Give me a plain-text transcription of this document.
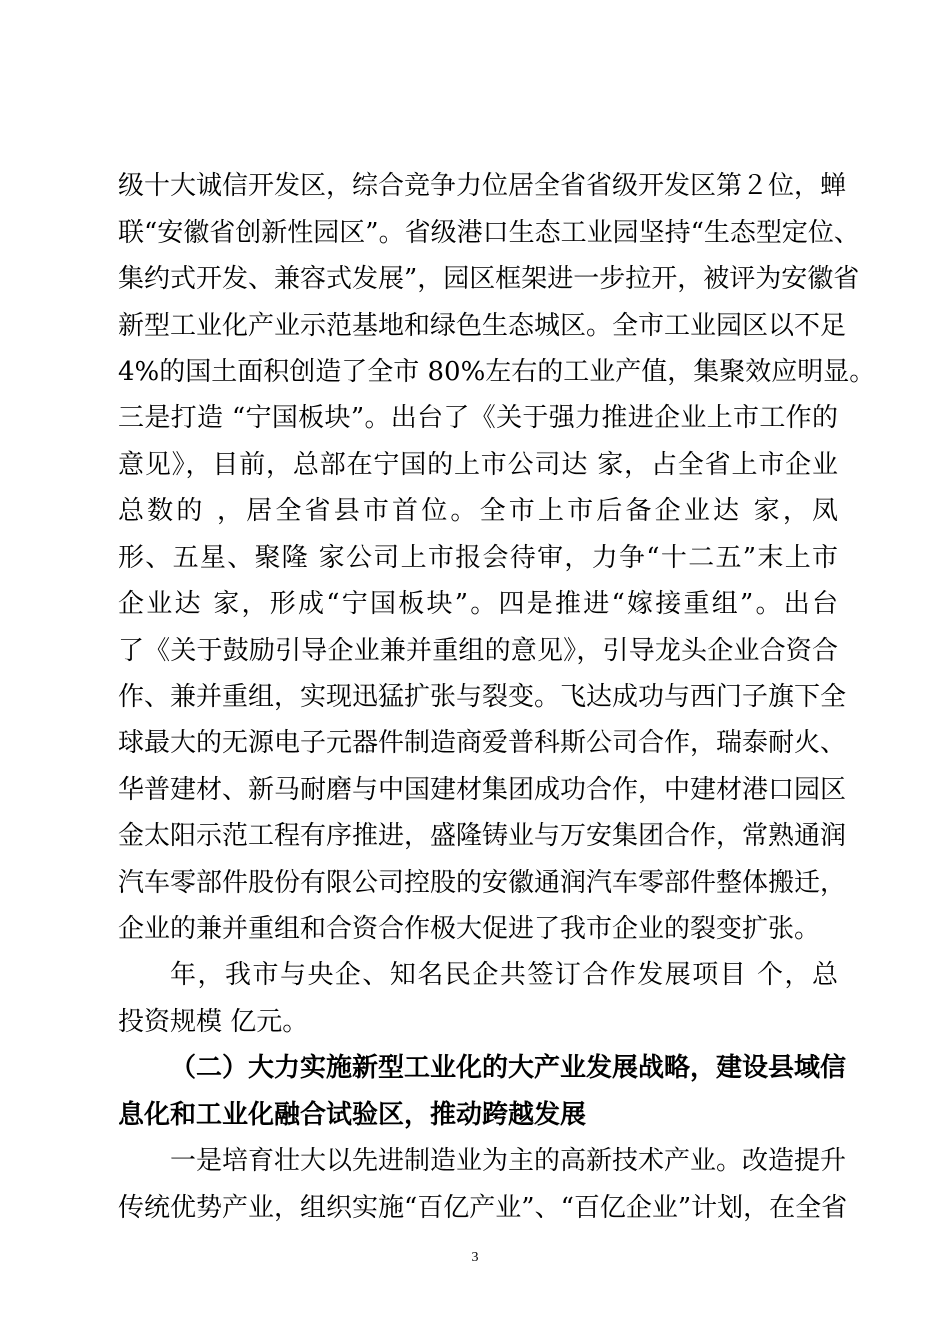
级十大诚信开发区，综合竞争力位居全省省级开发区第２位，蝉
联“安徽省创新性园区”。省级港口生态工业园坚持“生态型定位、
集约式开发、兼容式发展”，园区框架进一步拉开，被评为安徽省
新型工业化产业示范基地和绿色生态城区。全市工业园区以不足
4%的国土面积创造了全市 80%左右的工业产值，集聚效应明显。
三是打造 “宁国板块”。出台了《关于强力推进企业上市工作的
意见》，目前，总部在宁国的上市公司达 家，占全省上市企业
总数的 ，居全省县市首位。全市上市后备企业达 家，凤
形、五星、聚隆 家公司上市报会待审，力争“十二五”末上市
企业达 家，形成“宁国板块”。四是推进“嫁接重组”。出台
了《关于鼓励引导企业兼并重组的意见》，引导龙头企业合资合
作、兼并重组，实现迅猛扩张与裂变。飞达成功与西门子旗下全
球最大的无源电子元器件制造商爱普科斯公司合作，瑞泰耐火、
华普建材、新马耐磨与中国建材集团成功合作，中建材港口园区
金太阳示范工程有序推进，盛隆铸业与万安集团合作，常熟通润
汽车零部件股份有限公司控股的安徽通润汽车零部件整体搬迁，
企业的兼并重组和合资合作极大促进了我市企业的裂变扩张。
年，我市与央企、知名民企共签订合作发展项目 个，总
投资规模 亿元。
（二）大力实施新型工业化的大产业发展战略，建设县域信
息化和工业化融合试验区，推动跨越发展
一是培育壮大以先进制造业为主的高新技术产业。改造提升
传统优势产业，组织实施“百亿产业”、“百亿企业”计划，在全省
3
